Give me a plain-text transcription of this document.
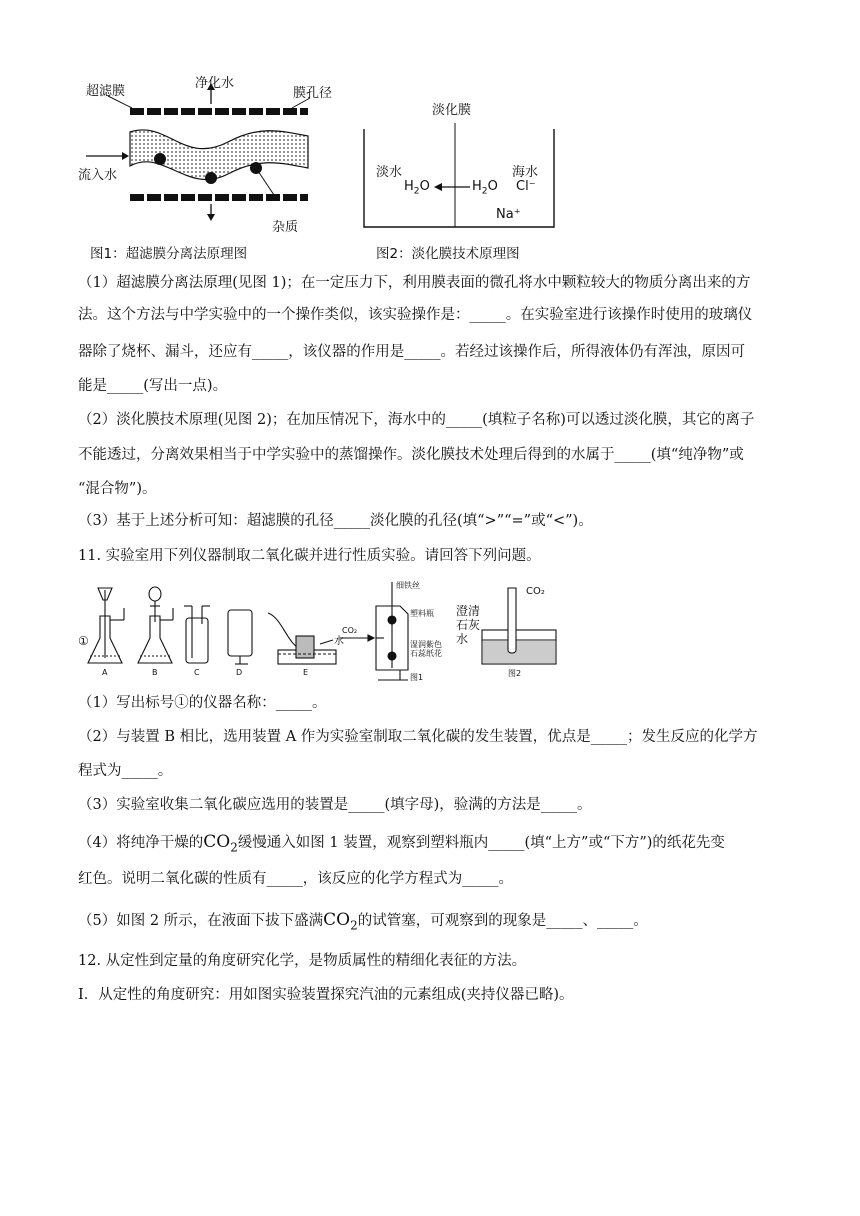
超滤膜
净化水
膜孔径
流入水
杂质
图1：超滤膜分离法原理图
淡化膜
淡水	海水
$H_2O$	$H_2O$ Cl⁻
Na⁺
图2：淡化膜技术原理图
（1）超滤膜分离法原理(见图 1)；在一定压力下，利用膜表面的微孔将水中颗粒较大的物质分离出来的方
法。这个方法与中学实验中的一个操作类似，该实验操作是：_____。在实验室进行该操作时使用的玻璃仪
器除了烧杯、漏斗，还应有_____，该仪器的作用是_____。若经过该操作后，所得液体仍有浑浊，原因可
能是_____(写出一点)。
（2）淡化膜技术原理(见图 2)；在加压情况下，海水中的_____(填粒子名称)可以透过淡化膜，其它的离子
不能透过，分离效果相当于中学实验中的蒸馏操作。淡化膜技术处理后得到的水属于_____(填“纯净物”或
“混合物”)。
（3）基于上述分析可知：超滤膜的孔径_____淡化膜的孔径(填“>”“=”或“<”)。
11. 实验室用下列仪器制取二氧化碳并进行性质实验。请回答下列问题。
①
A	B	C	D	E
水
CO₂
细铁丝
塑料瓶
湿润紫色石蕊纸花
图1
澄清石灰水
CO₂
图2
（1）写出标号①的仪器名称：_____。
（2）与装置 B 相比，选用装置 A 作为实验室制取二氧化碳的发生装置，优点是_____；发生反应的化学方
程式为_____。
（3）实验室收集二氧化碳应选用的装置是_____(填字母)，验满的方法是_____。
（4）将纯净干燥的$CO_2$缓慢通入如图 1 装置，观察到塑料瓶内_____(填“上方”或“下方”)的纸花先变
红色。说明二氧化碳的性质有_____，该反应的化学方程式为_____。
（5）如图 2 所示，在液面下拔下盛满$CO_2$的试管塞，可观察到的现象是_____、_____。
12. 从定性到定量的角度研究化学，是物质属性的精细化表征的方法。
Ⅰ．从定性的角度研究：用如图实验装置探究汽油的元素组成(夹持仪器已略)。
